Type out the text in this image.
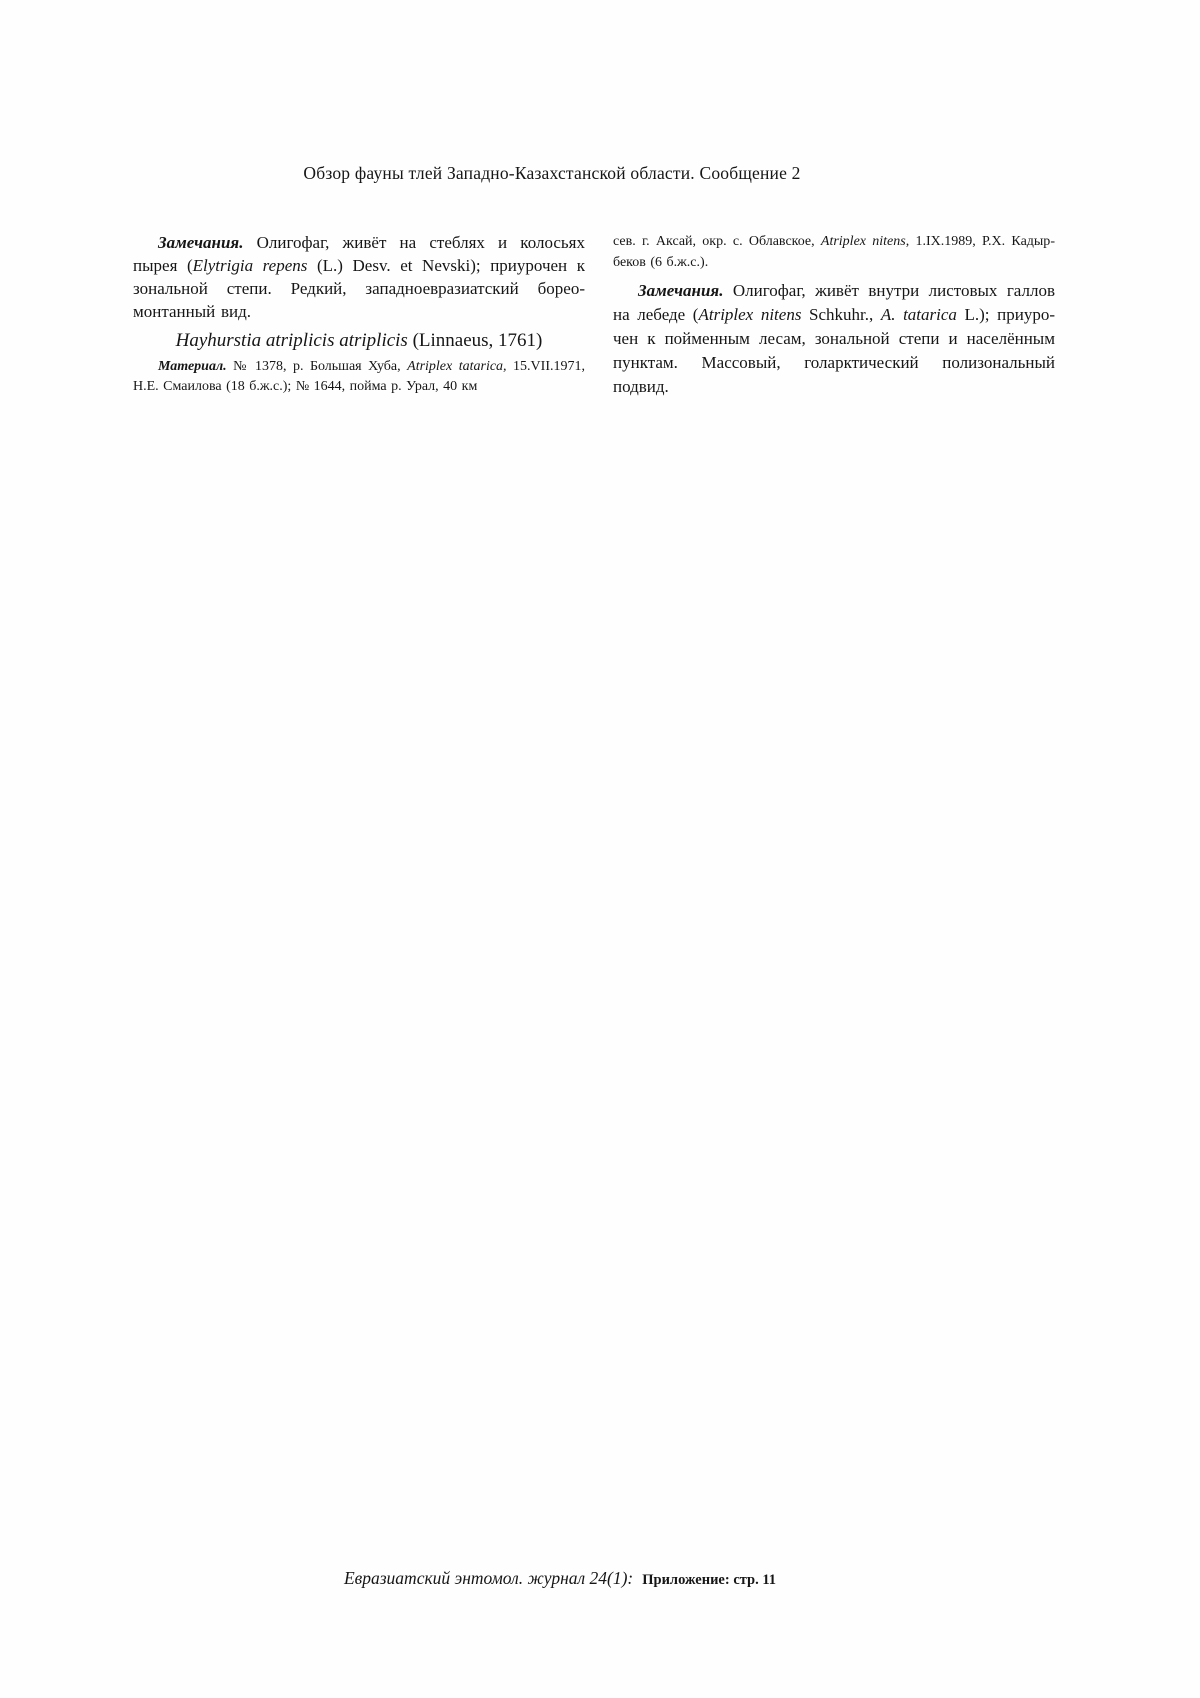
Обзор фауны тлей Западно-Казахстанской области. Сообщение 2

Замечания. Олигофаг, живёт на стеблях и колосьях пырея (Elytrigia repens (L.) Desv. et Nevski); приурочен к зональной степи. Редкий, западноевразиатский борео-монтанный вид.

Hayhurstia atriplicis atriplicis (Linnaeus, 1761)

Материал. № 1378, р. Большая Хуба, Atriplex tatarica, 15.VII.1971, Н.Е. Смаилова (18 б.ж.с.); № 1644, пойма р. Урал, 40 км

сев. г. Аксай, окр. с. Облавское, Atriplex nitens, 1.IX.1989, Р.Х. Кадырбеков (6 б.ж.с.).

Замечания. Олигофаг, живёт внутри листовых галлов на лебеде (Atriplex nitens Schkuhr., A. tatarica L.); приурочен к пойменным лесам, зональной степи и населённым пунктам. Массовый, голарктический полизональный подвид.

Евразиатский энтомол. журнал 24(1): Приложение: стр. 11
